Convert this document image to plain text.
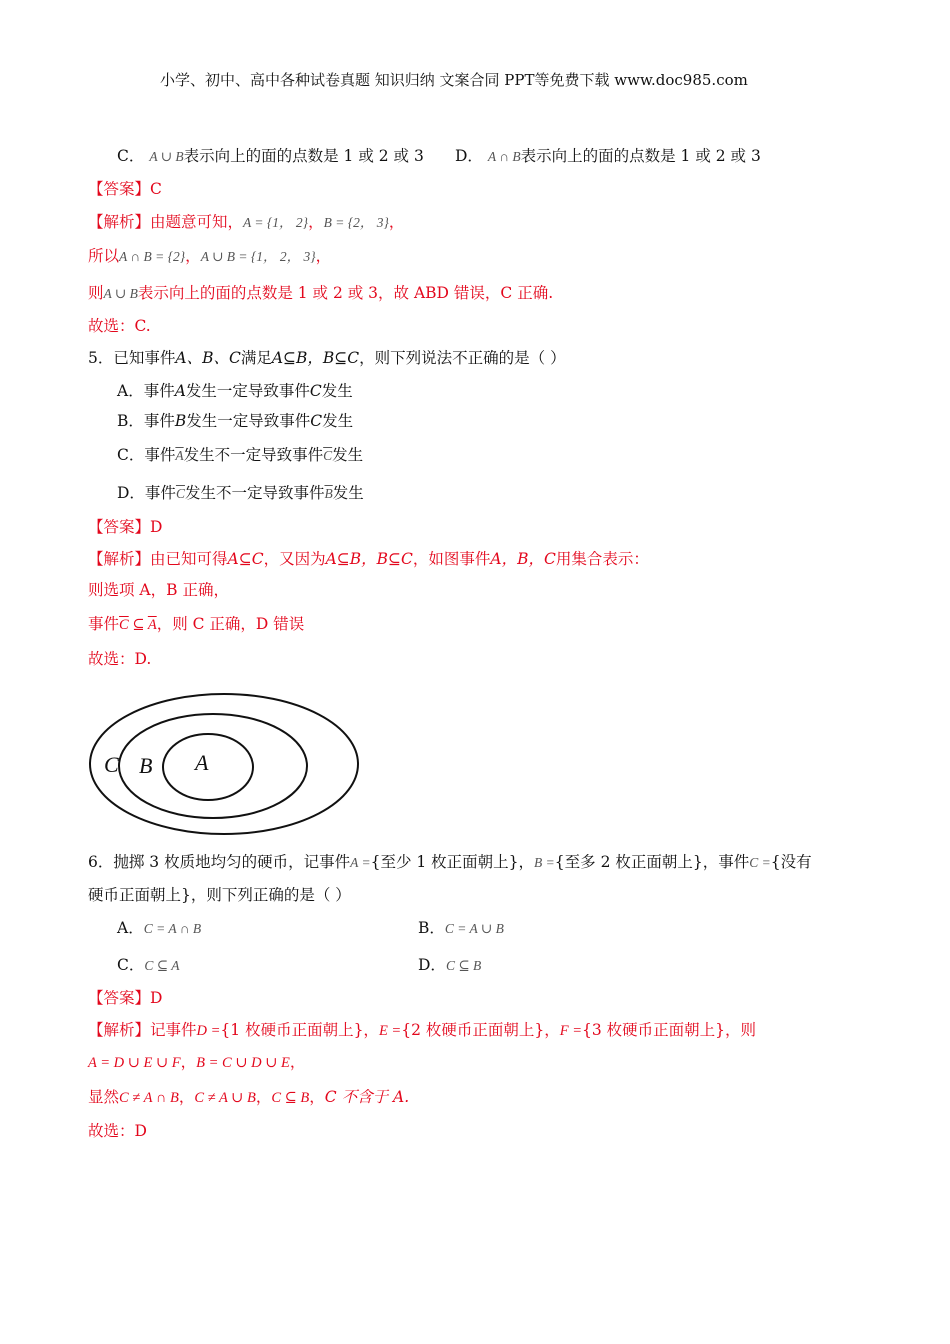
小学、初中、高中各种试卷真题 知识归纳 文案合同 PPT等免费下载 www.doc985.com
C． A ∪ B表示向上的面的点数是 1 或 2 或 3 D． A ∩ B表示向上的面的点数是 1 或 2 或 3
【答案】C
【解析】由题意可知，A = {1， 2}，B = {2， 3}，
所以A ∩ B = {2}，A ∪ B = {1， 2， 3}，
则A ∪ B表示向上的面的点数是 1 或 2 或 3，故 ABD 错误，C 正确.
故选：C.
5．已知事件A、B、C满足A⊆B，B⊆C，则下列说法不正确的是（ ）
A．事件A发生一定导致事件C发生
B．事件B发生一定导致事件C发生
C．事件$\overline{A}$发生不一定导致事件$\overline{C}$发生
D．事件$\overline{C}$发生不一定导致事件$\overline{B}$发生
【答案】D
【解析】由已知可得A⊆C，又因为A⊆B，B⊆C，如图事件A，B，C用集合表示：
则选项 A，B 正确，
事件$\overline{C}$ ⊆ $\overline{A}$，则 C 正确，D 错误
故选：D.
C B A
6．抛掷 3 枚质地均匀的硬币，记事件A ={至少 1 枚正面朝上}，B ={至多 2 枚正面朝上}，事件C ={没有
硬币正面朝上}，则下列正确的是（ ）
A．C = A ∩ B	B．C = A ∪ B
C．C ⊆ A	D．C ⊆ B
【答案】D
【解析】记事件D ={1 枚硬币正面朝上}，E ={2 枚硬币正面朝上}，F ={3 枚硬币正面朝上}，则
A = D ∪ E ∪ F，B = C ∪ D ∪ E，
显然C ≠ A ∩ B，C ≠ A ∪ B，C ⊆ B，C 不含于 A.
故选：D
